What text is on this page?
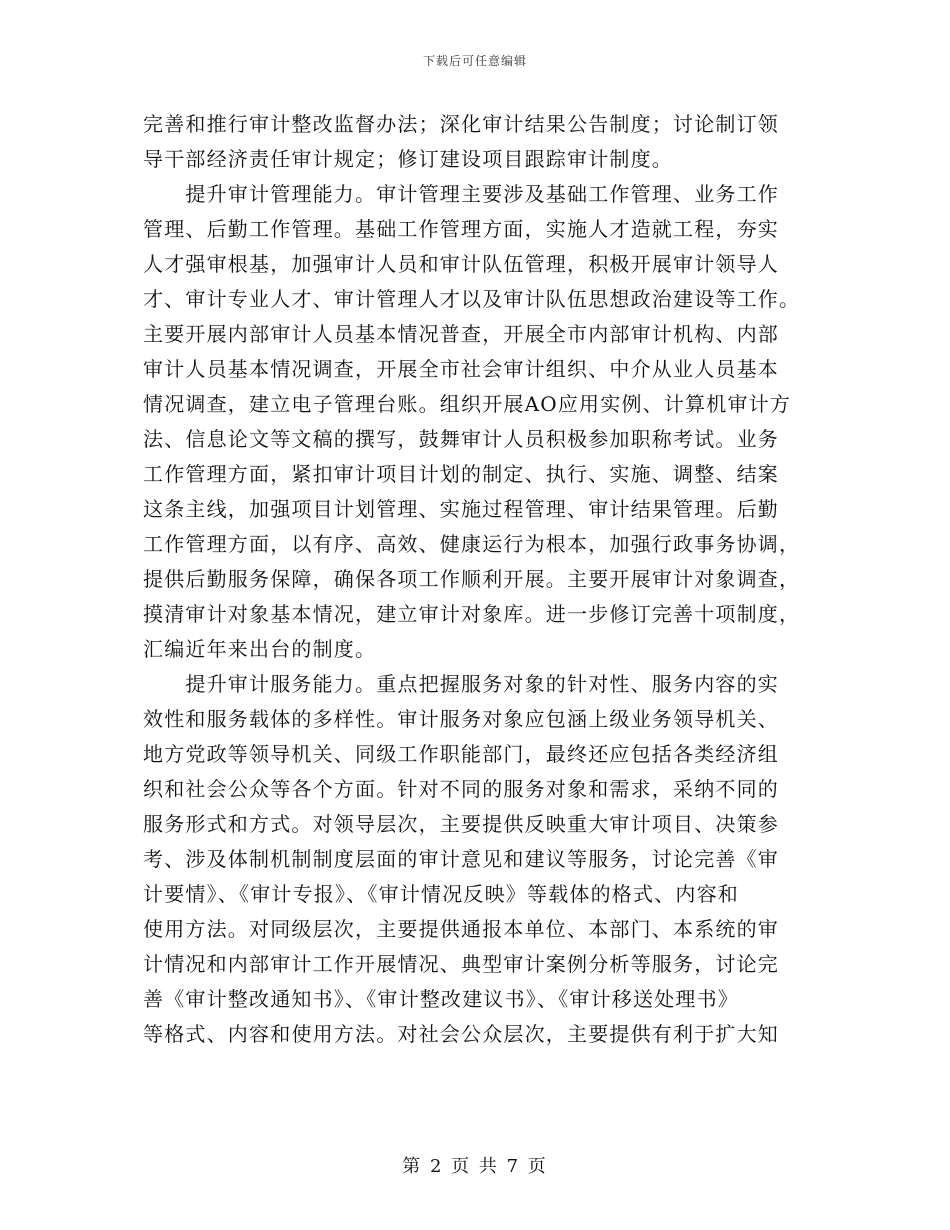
下载后可任意编辑
完善和推行审计整改监督办法；深化审计结果公告制度；讨论制订领
导干部经济责任审计规定；修订建设项目跟踪审计制度。
　　提升审计管理能力。审计管理主要涉及基础工作管理、业务工作
管理、后勤工作管理。基础工作管理方面，实施人才造就工程，夯实
人才强审根基，加强审计人员和审计队伍管理，积极开展审计领导人
才、审计专业人才、审计管理人才以及审计队伍思想政治建设等工作。
主要开展内部审计人员基本情况普查，开展全市内部审计机构、内部
审计人员基本情况调查，开展全市社会审计组织、中介从业人员基本
情况调查，建立电子管理台账。组织开展AO应用实例、计算机审计方
法、信息论文等文稿的撰写，鼓舞审计人员积极参加职称考试。业务
工作管理方面，紧扣审计项目计划的制定、执行、实施、调整、结案
这条主线，加强项目计划管理、实施过程管理、审计结果管理。后勤
工作管理方面，以有序、高效、健康运行为根本，加强行政事务协调，
提供后勤服务保障，确保各项工作顺利开展。主要开展审计对象调查，
摸清审计对象基本情况，建立审计对象库。进一步修订完善十项制度，
汇编近年来出台的制度。
　　提升审计服务能力。重点把握服务对象的针对性、服务内容的实
效性和服务载体的多样性。审计服务对象应包涵上级业务领导机关、
地方党政等领导机关、同级工作职能部门，最终还应包括各类经济组
织和社会公众等各个方面。针对不同的服务对象和需求，采纳不同的
服务形式和方式。对领导层次，主要提供反映重大审计项目、决策参
考、涉及体制机制制度层面的审计意见和建议等服务，讨论完善《审
计要情》、《审计专报》、《审计情况反映》等载体的格式、内容和
使用方法。对同级层次，主要提供通报本单位、本部门、本系统的审
计情况和内部审计工作开展情况、典型审计案例分析等服务，讨论完
善《审计整改通知书》、《审计整改建议书》、《审计移送处理书》
等格式、内容和使用方法。对社会公众层次，主要提供有利于扩大知
第 2 页 共 7 页
